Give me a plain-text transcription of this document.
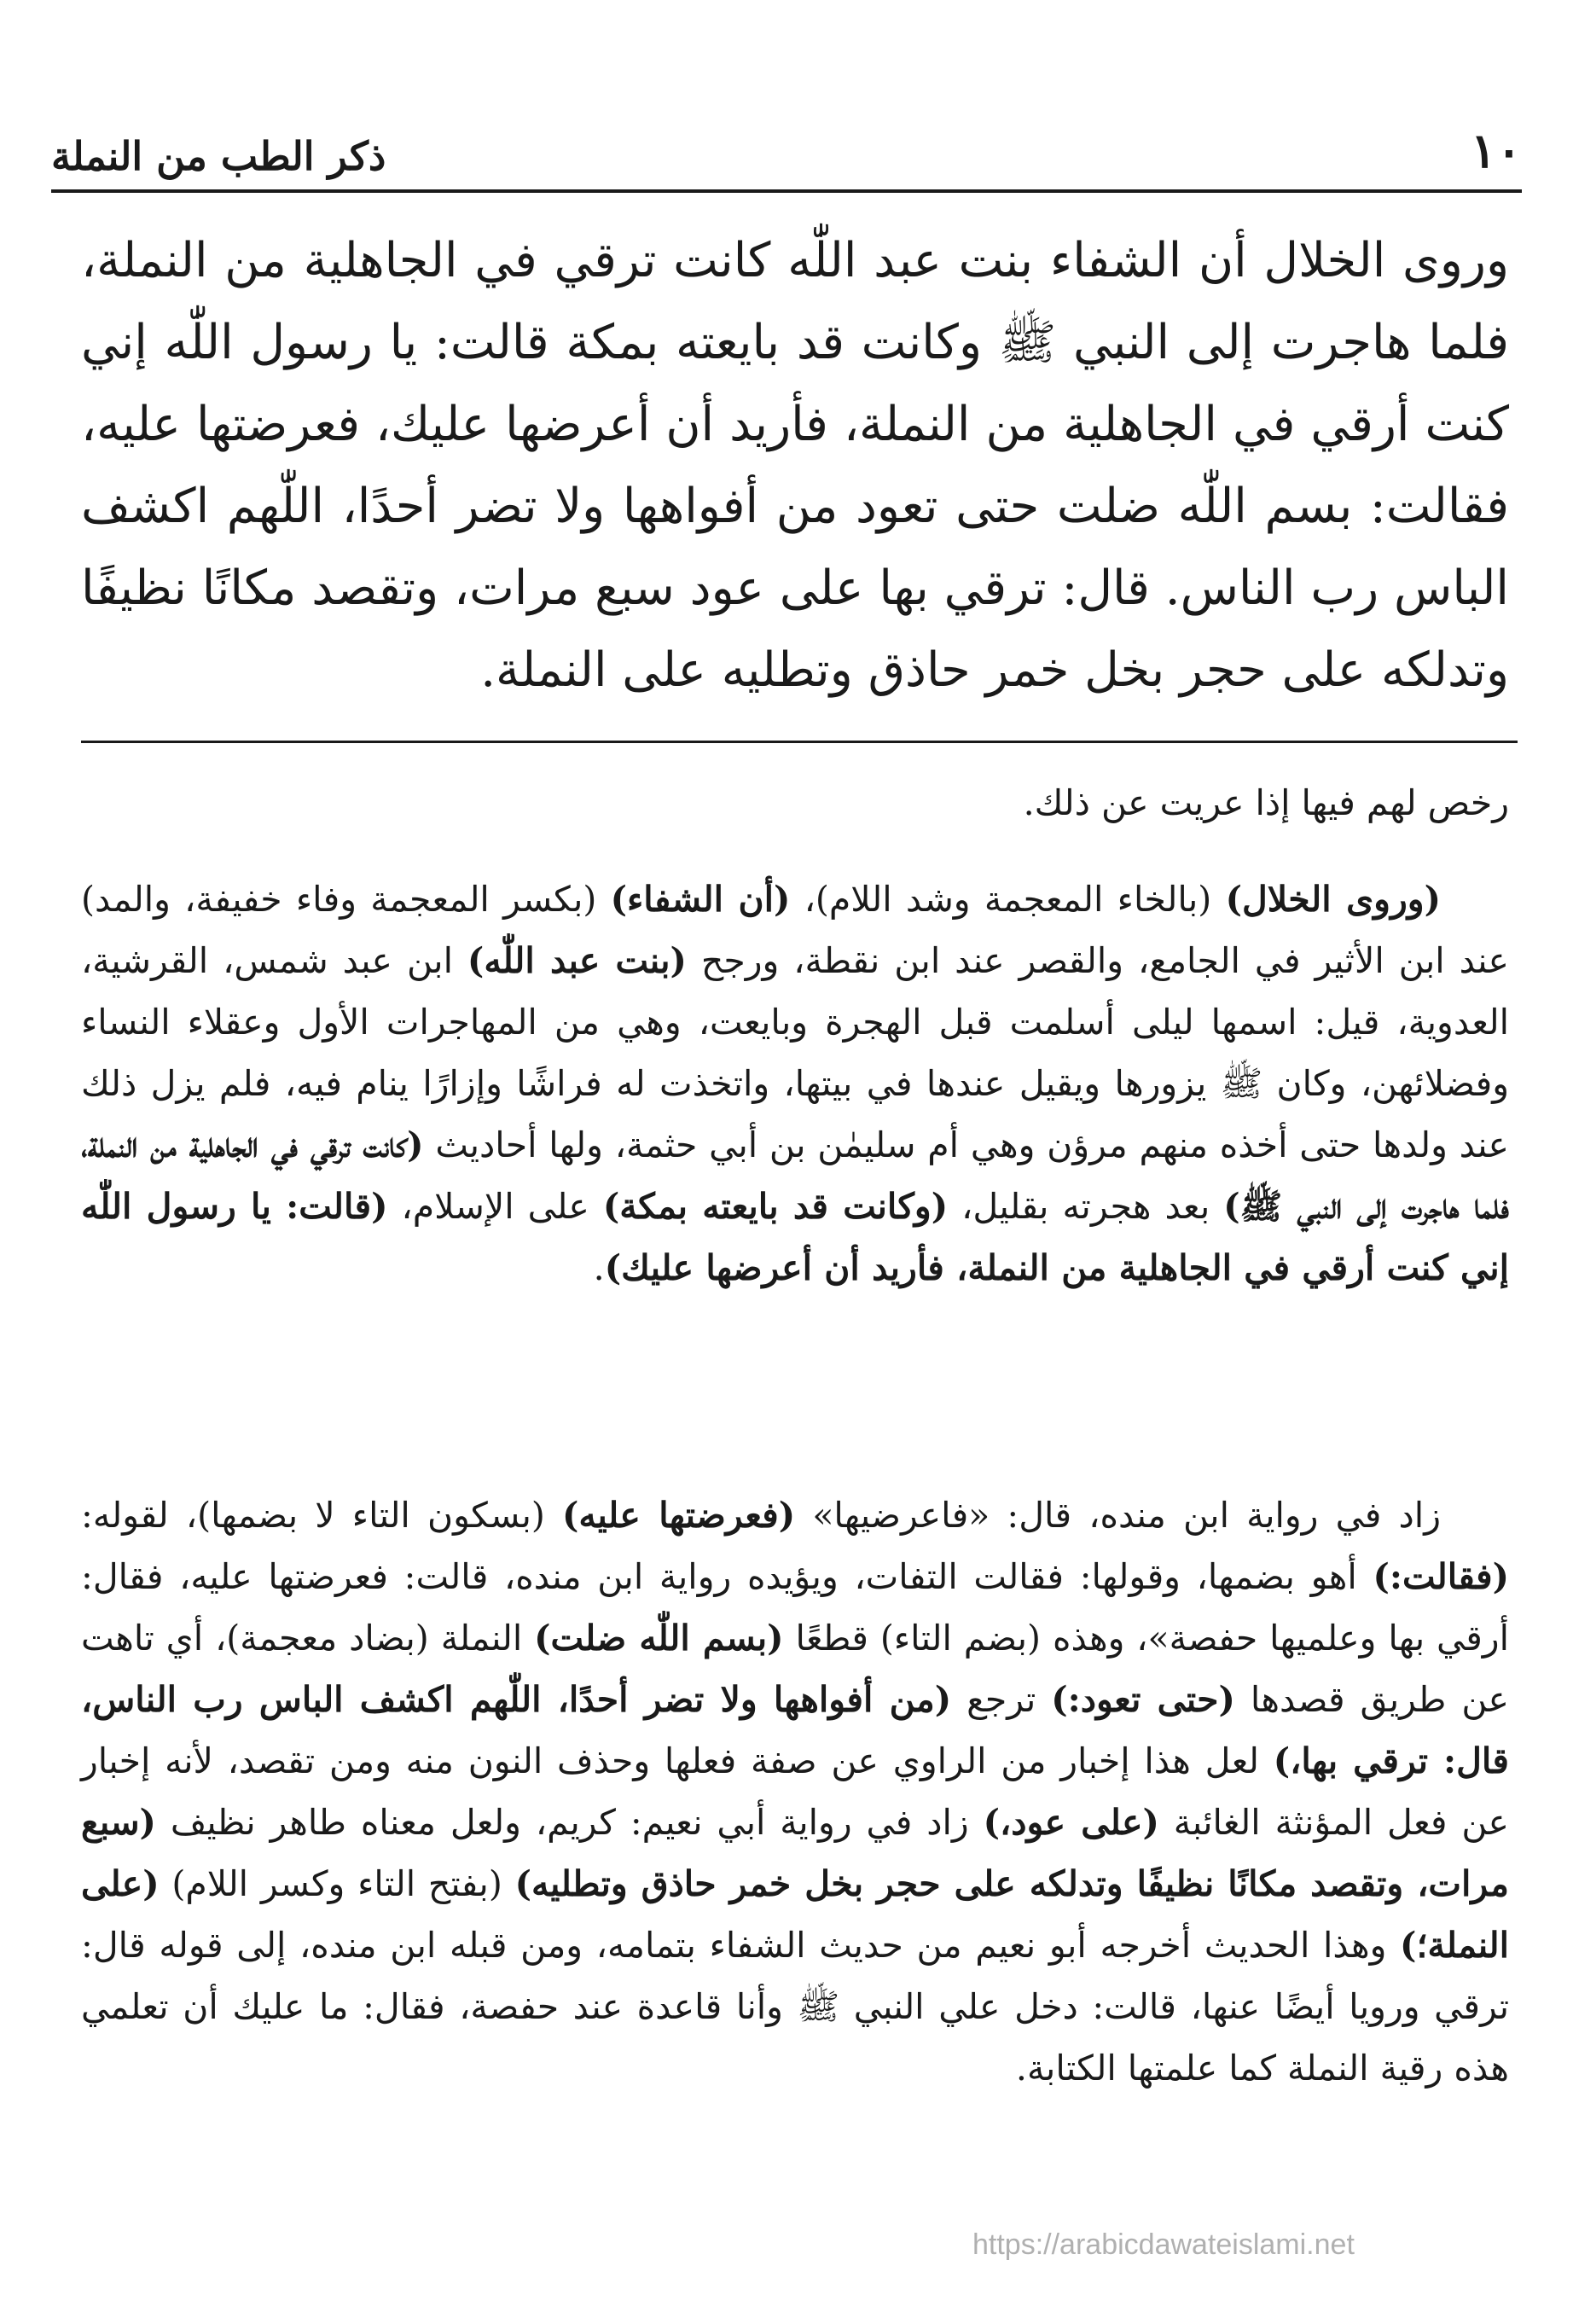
١٠
ذكر الطب من النملة
وروى الخلال أن الشفاء بنت عبد اللّٰه كانت ترقي في الجاهلية من النملة، فلما هاجرت إلى النبي ﷺ وكانت قد بايعته بمكة قالت: يا رسول اللّٰه إني كنت أرقي في الجاهلية من النملة، فأريد أن أعرضها عليك، فعرضتها عليه، فقالت: بسم اللّٰه ضلت حتى تعود من أفواهها ولا تضر أحدًا، اللّٰهم اكشف الباس رب الناس. قال: ترقي بها على عود سبع مرات، وتقصد مكانًا نظيفًا وتدلكه على حجر بخل خمر حاذق وتطليه على النملة.

رخص لهم فيها إذا عريت عن ذلك.

(وروى الخلال) (بالخاء المعجمة وشد اللام)، (أن الشفاء) (بكسر المعجمة وفاء خفيفة، والمد) عند ابن الأثير في الجامع، والقصر عند ابن نقطة، ورجح (بنت عبد اللّٰه) ابن عبد شمس، القرشية، العدوية، قيل: اسمها ليلى أسلمت قبل الهجرة وبايعت، وهي من المهاجرات الأول وعقلاء النساء وفضلائهن، وكان ﷺ يزورها ويقيل عندها في بيتها، واتخذت له فراشًا وإزارًا ينام فيه، فلم يزل ذلك عند ولدها حتى أخذه منهم مرؤن وهي أم سليمٰن بن أبي حثمة، ولها أحاديث (كانت ترقي في الجاهلية من النملة، فلما هاجرت إلى النبي ﷺ) بعد هجرته بقليل، (وكانت قد بايعته بمكة) على الإسلام، (قالت: يا رسول اللّٰه إني كنت أرقي في الجاهلية من النملة، فأريد أن أعرضها عليك).

زاد في رواية ابن منده، قال: «فاعرضيها» (فعرضتها عليه) (بسكون التاء لا بضمها)، لقوله: (فقالت:) أهو بضمها، وقولها: فقالت التفات، ويؤيده رواية ابن منده، قالت: فعرضتها عليه، فقال: أرقي بها وعلميها حفصة»، وهذه (بضم التاء) قطعًا (بسم اللّٰه ضلت) النملة (بضاد معجمة)، أي تاهت عن طريق قصدها (حتى تعود:) ترجع (من أفواهها ولا تضر أحدًا، اللّٰهم اكشف الباس رب الناس، قال: ترقي بها،) لعل هذا إخبار من الراوي عن صفة فعلها وحذف النون منه ومن تقصد، لأنه إخبار عن فعل المؤنثة الغائبة (على عود،) زاد في رواية أبي نعيم: كريم، ولعل معناه طاهر نظيف (سبع مرات، وتقصد مكانًا نظيفًا وتدلكه على حجر بخل خمر حاذق وتطليه) (بفتح التاء وكسر اللام) (على النملة؛) وهذا الحديث أخرجه أبو نعيم من حديث الشفاء بتمامه، ومن قبله ابن منده، إلى قوله قال: ترقي ورويا أيضًا عنها، قالت: دخل علي النبي ﷺ وأنا قاعدة عند حفصة، فقال: ما عليك أن تعلمي هذه رقية النملة كما علمتها الكتابة.

https://arabicdawateislami.net
